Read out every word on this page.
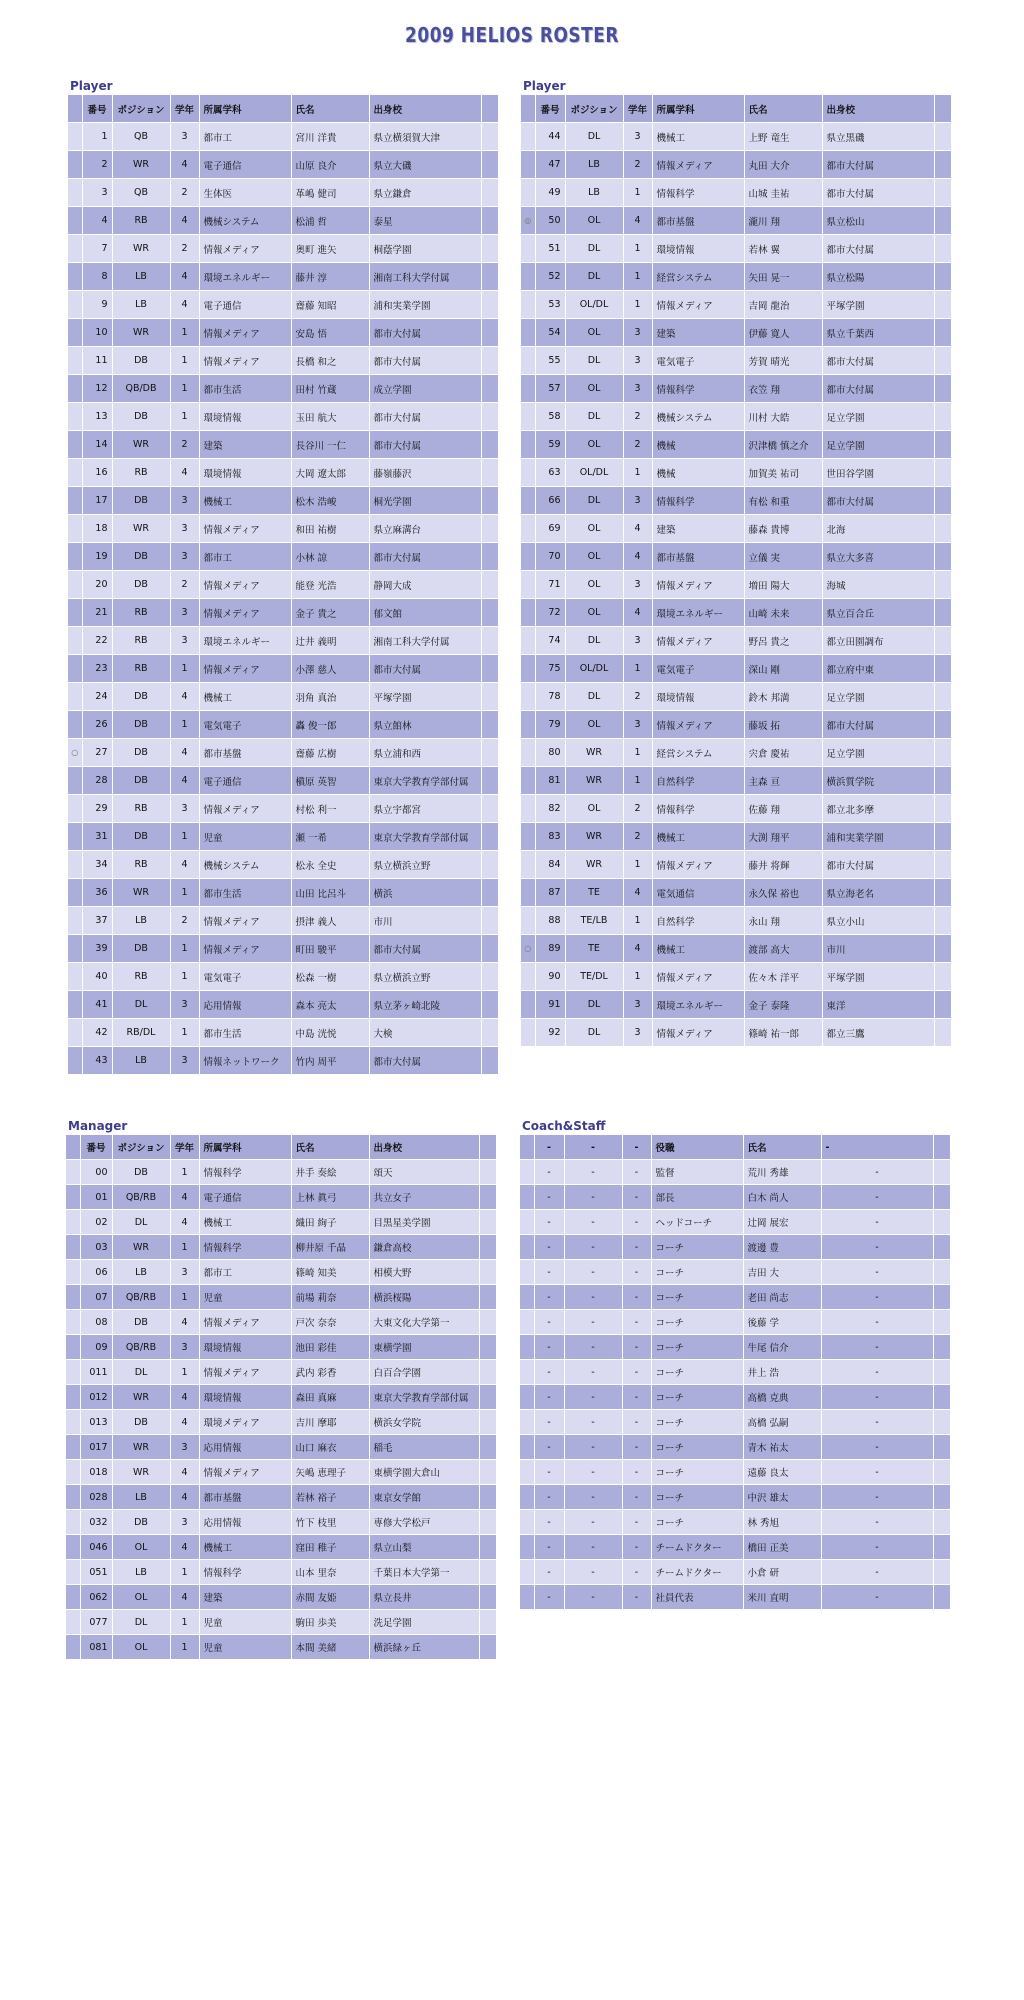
2009 HELIOS ROSTER
Player
	番号	ポジション	学年	所属学科	氏名	出身校	
	1	QB	3	都市工	宮川 洋貴	県立横須賀大津	
	2	WR	4	電子通信	山原 良介	県立大磯	
	3	QB	2	生体医	革嶋 健司	県立鎌倉	
	4	RB	4	機械システム	松浦 哲	泰星	
	7	WR	2	情報メディア	奥町 進矢	桐蔭学園	
	8	LB	4	環境エネルギー	藤井 淳	湘南工科大学付属	
	9	LB	4	電子通信	齋藤 知昭	浦和実業学園	
	10	WR	1	情報メディア	安島 悟	都市大付属	
	11	DB	1	情報メディア	長橋 和之	都市大付属	
	12	QB/DB	1	都市生活	田村 竹蔵	成立学園	
	13	DB	1	環境情報	玉田 航大	都市大付属	
	14	WR	2	建築	長谷川 一仁	都市大付属	
	16	RB	4	環境情報	大岡 遼太郎	藤嶺藤沢	
	17	DB	3	機械工	松木 浩峻	桐光学園	
	18	WR	3	情報メディア	和田 祐樹	県立麻溝台	
	19	DB	3	都市工	小林 諒	都市大付属	
	20	DB	2	情報メディア	能登 光浩	静岡大成	
	21	RB	3	情報メディア	金子 貴之	郁文館	
	22	RB	3	環境エネルギー	辻井 義明	湘南工科大学付属	
	23	RB	1	情報メディア	小澤 慈人	都市大付属	
	24	DB	4	機械工	羽角 真治	平塚学園	
	26	DB	1	電気電子	轟 俊一郎	県立館林	
○	27	DB	4	都市基盤	齋藤 広樹	県立浦和西	
	28	DB	4	電子通信	槇原 英智	東京大学教育学部付属	
	29	RB	3	情報メディア	村松 利一	県立宇都宮	
	31	DB	1	児童	瀬 一希	東京大学教育学部付属	
	34	RB	4	機械システム	松永 全史	県立横浜立野	
	36	WR	1	都市生活	山田 比呂斗	横浜	
	37	LB	2	情報メディア	摂津 義人	市川	
	39	DB	1	情報メディア	町田 駿平	都市大付属	
	40	RB	1	電気電子	松森 一樹	県立横浜立野	
	41	DL	3	応用情報	森本 亮太	県立茅ヶ崎北陵	
	42	RB/DL	1	都市生活	中島 洸悦	大検	
	43	LB	3	情報ネットワーク	竹内 周平	都市大付属	
Player
	番号	ポジション	学年	所属学科	氏名	出身校	
	44	DL	3	機械工	上野 竜生	県立黒磯	
	47	LB	2	情報メディア	丸田 大介	都市大付属	
	49	LB	1	情報科学	山城 圭祐	都市大付属	
◎	50	OL	4	都市基盤	瀧川 翔	県立松山	
	51	DL	1	環境情報	若林 翼	都市大付属	
	52	DL	1	経営システム	矢田 晃一	県立松陽	
	53	OL/DL	1	情報メディア	吉岡 龍治	平塚学園	
	54	OL	3	建築	伊藤 寛人	県立千葉西	
	55	DL	3	電気電子	芳賀 晴光	都市大付属	
	57	OL	3	情報科学	衣笠 翔	都市大付属	
	58	DL	2	機械システム	川村 大皓	足立学園	
	59	OL	2	機械	沢津橋 慎之介	足立学園	
	63	OL/DL	1	機械	加賀美 祐司	世田谷学園	
	66	DL	3	情報科学	有松 和重	都市大付属	
	69	OL	4	建築	藤森 貴博	北海	
	70	OL	4	都市基盤	立儀 実	県立大多喜	
	71	OL	3	情報メディア	増田 陽大	海城	
	72	OL	4	環境エネルギー	山崎 未来	県立百合丘	
	74	DL	3	情報メディア	野呂 貴之	都立田園調布	
	75	OL/DL	1	電気電子	深山 剛	都立府中東	
	78	DL	2	環境情報	鈴木 邦満	足立学園	
	79	OL	3	情報メディア	藤坂 拓	都市大付属	
	80	WR	1	経営システム	宍倉 慶祐	足立学園	
	81	WR	1	自然科学	主森 亘	横浜質学院	
	82	OL	2	情報科学	佐藤 翔	都立北多摩	
	83	WR	2	機械工	大渕 翔平	浦和実業学園	
	84	WR	1	情報メディア	藤井 将輝	都市大付属	
	87	TE	4	電気通信	永久保 裕也	県立海老名	
	88	TE/LB	1	自然科学	永山 翔	県立小山	
○	89	TE	4	機械工	渡部 高大	市川	
	90	TE/DL	1	情報メディア	佐々木 洋平	平塚学園	
	91	DL	3	環境エネルギー	金子 泰隆	東洋	
	92	DL	3	情報メディア	篠崎 祐一郎	都立三鷹	
Manager
	番号	ポジション	学年	所属学科	氏名	出身校	
	00	DB	1	情報科学	井手 奏絵	頌天	
	01	QB/RB	4	電子通信	上林 眞弓	共立女子	
	02	DL	4	機械工	織田 絢子	目黒星美学園	
	03	WR	1	情報科学	柳井原 千晶	鎌倉高校	
	06	LB	3	都市工	篠崎 知美	相模大野	
	07	QB/RB	1	児童	前場 莉奈	横浜桜陽	
	08	DB	4	情報メディア	戸次 奈奈	大東文化大学第一	
	09	QB/RB	3	環境情報	池田 彩佳	東横学園	
	011	DL	1	情報メディア	武内 彩香	白百合学園	
	012	WR	4	環境情報	森田 真麻	東京大学教育学部付属	
	013	DB	4	環境メディア	吉川 摩耶	横浜女学院	
	017	WR	3	応用情報	山口 麻衣	稲毛	
	018	WR	4	情報メディア	矢嶋 恵理子	東横学園大倉山	
	028	LB	4	都市基盤	若林 裕子	東京女学館	
	032	DB	3	応用情報	竹下 枝里	専修大学松戸	
	046	OL	4	機械工	窪田 稚子	県立山梨	
	051	LB	1	情報科学	山本 里奈	千葉日本大学第一	
	062	OL	4	建築	赤間 友姫	県立長井	
	077	DL	1	児童	駒田 歩美	洗足学園	
	081	OL	1	児童	本間 美緒	横浜緑ヶ丘	
Coach&Staff
	-	-	-	役職	氏名	-	
	-	-	-	監督	荒川 秀雄	-	
	-	-	-	部長	白木 尚人	-	
	-	-	-	ヘッドコーチ	辻岡 展宏	-	
	-	-	-	コーチ	渡邊 豊	-	
	-	-	-	コーチ	吉田 大	-	
	-	-	-	コーチ	老田 尚志	-	
	-	-	-	コーチ	後藤 学	-	
	-	-	-	コーチ	牛尾 信介	-	
	-	-	-	コーチ	井上 浩	-	
	-	-	-	コーチ	高橋 克典	-	
	-	-	-	コーチ	高橋 弘嗣	-	
	-	-	-	コーチ	青木 祐太	-	
	-	-	-	コーチ	遠藤 良太	-	
	-	-	-	コーチ	中沢 雄太	-	
	-	-	-	コーチ	林 秀旭	-	
	-	-	-	チームドクター	橋田 正美	-	
	-	-	-	チームドクター	小倉 研	-	
	-	-	-	社員代表	米川 直明	-	
